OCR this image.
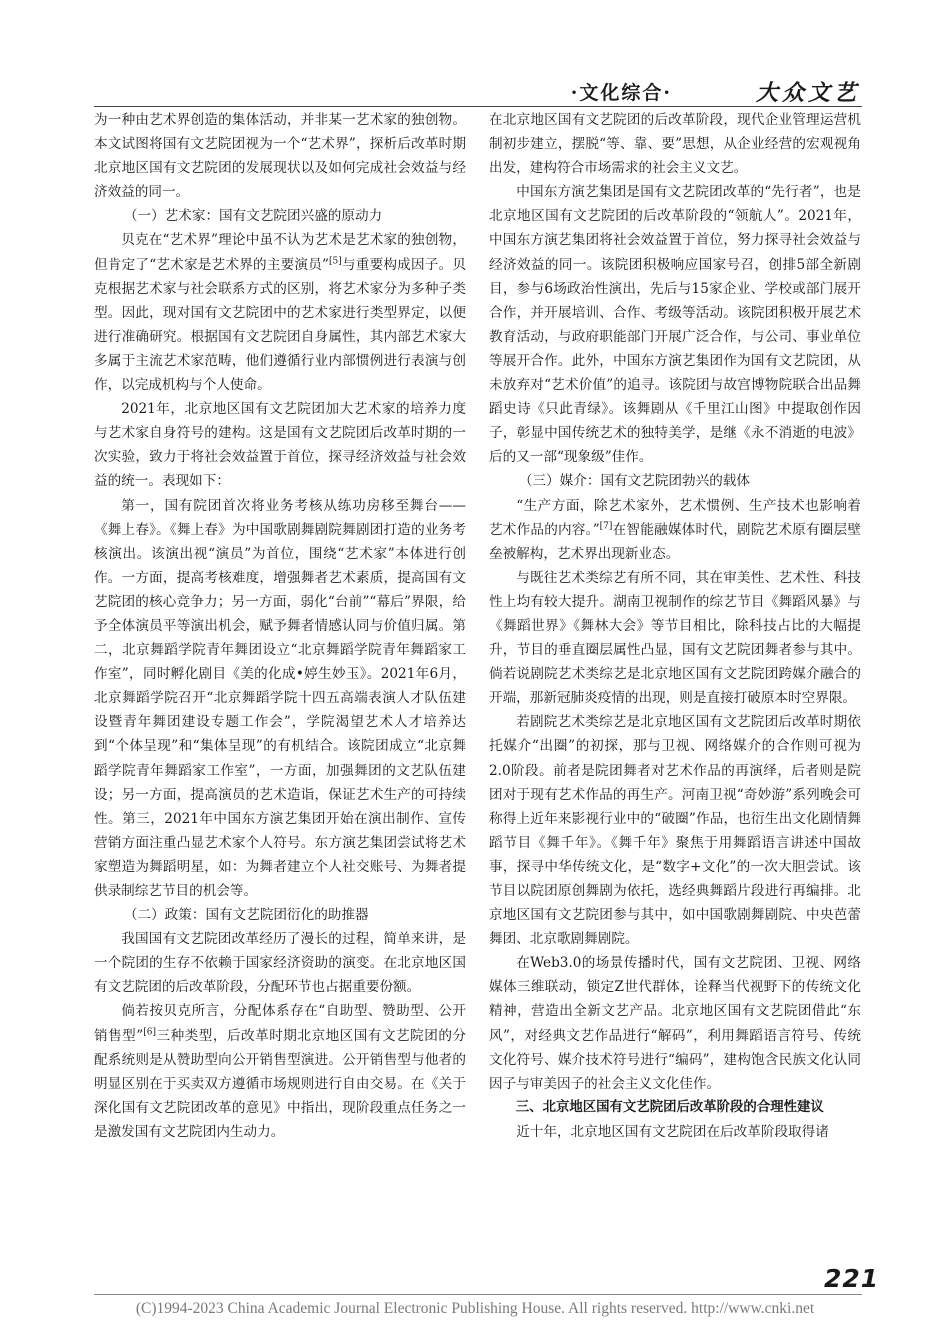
·文化综合·	大众文艺

为一种由艺术界创造的集体活动，并非某一艺术家的独创物。本文试图将国有文艺院团视为一个“艺术界”，探析后改革时期北京地区国有文艺院团的发展现状以及如何完成社会效益与经济效益的同一。

（一）艺术家：国有文艺院团兴盛的原动力

贝克在“艺术界”理论中虽不认为艺术是艺术家的独创物，但肯定了“艺术家是艺术界的主要演员”[5]与重要构成因子。贝克根据艺术家与社会联系方式的区别，将艺术家分为多种子类型。因此，现对国有文艺院团中的艺术家进行类型界定，以便进行准确研究。根据国有文艺院团自身属性，其内部艺术家大多属于主流艺术家范畴，他们遵循行业内部惯例进行表演与创作，以完成机构与个人使命。

2021年，北京地区国有文艺院团加大艺术家的培养力度与艺术家自身符号的建构。这是国有文艺院团后改革时期的一次实验，致力于将社会效益置于首位，探寻经济效益与社会效益的统一。表现如下：

第一，国有院团首次将业务考核从练功房移至舞台——《舞上春》。《舞上春》为中国歌剧舞剧院舞剧团打造的业务考核演出。该演出视“演员”为首位，围绕“艺术家”本体进行创作。一方面，提高考核难度，增强舞者艺术素质，提高国有文艺院团的核心竞争力；另一方面，弱化“台前”“幕后”界限，给予全体演员平等演出机会，赋予舞者情感认同与价值归属。第二，北京舞蹈学院青年舞团设立“北京舞蹈学院青年舞蹈家工作室”，同时孵化剧目《美的化成•婷生妙玉》。2021年6月，北京舞蹈学院召开“北京舞蹈学院十四五高端表演人才队伍建设暨青年舞团建设专题工作会”，学院渴望艺术人才培养达到“个体呈现”和“集体呈现”的有机结合。该院团成立“北京舞蹈学院青年舞蹈家工作室”，一方面，加强舞团的文艺队伍建设；另一方面，提高演员的艺术造诣，保证艺术生产的可持续性。第三，2021年中国东方演艺集团开始在演出制作、宣传营销方面注重凸显艺术家个人符号。东方演艺集团尝试将艺术家塑造为舞蹈明星，如：为舞者建立个人社交账号、为舞者提供录制综艺节目的机会等。

（二）政策：国有文艺院团衍化的助推器

我国国有文艺院团改革经历了漫长的过程，简单来讲，是一个院团的生存不依赖于国家经济资助的演变。在北京地区国有文艺院团的后改革阶段，分配环节也占据重要份额。

倘若按贝克所言，分配体系存在“自助型、赞助型、公开销售型”[6]三种类型，后改革时期北京地区国有文艺院团的分配系统则是从赞助型向公开销售型演进。公开销售型与他者的明显区别在于买卖双方遵循市场规则进行自由交易。在《关于深化国有文艺院团改革的意见》中指出，现阶段重点任务之一是激发国有文艺院团内生动力。

在北京地区国有文艺院团的后改革阶段，现代企业管理运营机制初步建立，摆脱“等、靠、要”思想，从企业经营的宏观视角出发，建构符合市场需求的社会主义文艺。

中国东方演艺集团是国有文艺院团改革的“先行者”，也是北京地区国有文艺院团的后改革阶段的“领航人”。2021年，中国东方演艺集团将社会效益置于首位，努力探寻社会效益与经济效益的同一。该院团积极响应国家号召，创排5部全新剧目，参与6场政治性演出，先后与15家企业、学校或部门展开合作，并开展培训、合作、考级等活动。该院团积极开展艺术教育活动，与政府职能部门开展广泛合作，与公司、事业单位等展开合作。此外，中国东方演艺集团作为国有文艺院团，从未放弃对“艺术价值”的追寻。该院团与故宫博物院联合出品舞蹈史诗《只此青绿》。该舞剧从《千里江山图》中提取创作因子，彰显中国传统艺术的独特美学，是继《永不消逝的电波》后的又一部“现象级”佳作。

（三）媒介：国有文艺院团勃兴的载体

“生产方面，除艺术家外，艺术惯例、生产技术也影响着艺术作品的内容。”[7]在智能融媒体时代，剧院艺术原有圈层壁垒被解构，艺术界出现新业态。

与既往艺术类综艺有所不同，其在审美性、艺术性、科技性上均有较大提升。湖南卫视制作的综艺节目《舞蹈风暴》与《舞蹈世界》《舞林大会》等节目相比，除科技占比的大幅提升，节目的垂直圈层属性凸显，国有文艺院团舞者参与其中。倘若说剧院艺术类综艺是北京地区国有文艺院团跨媒介融合的开端，那新冠肺炎疫情的出现，则是直接打破原本时空界限。

若剧院艺术类综艺是北京地区国有文艺院团后改革时期依托媒介“出圈”的初探，那与卫视、网络媒介的合作则可视为2.0阶段。前者是院团舞者对艺术作品的再演绎，后者则是院团对于现有艺术作品的再生产。河南卫视“奇妙游”系列晚会可称得上近年来影视行业中的“破圈”作品，也衍生出文化剧情舞蹈节目《舞千年》。《舞千年》聚焦于用舞蹈语言讲述中国故事，探寻中华传统文化，是“数字+文化”的一次大胆尝试。该节目以院团原创舞剧为依托，选经典舞蹈片段进行再编排。北京地区国有文艺院团参与其中，如中国歌剧舞剧院、中央芭蕾舞团、北京歌剧舞剧院。

在Web3.0的场景传播时代，国有文艺院团、卫视、网络媒体三维联动，锁定Z世代群体，诠释当代视野下的传统文化精神，营造出全新文艺产品。北京地区国有文艺院团借此“东风”，对经典文艺作品进行“解码”，利用舞蹈语言符号、传统文化符号、媒介技术符号进行“编码”，建构饱含民族文化认同因子与审美因子的社会主义文化佳作。

三、北京地区国有文艺院团后改革阶段的合理性建议

近十年，北京地区国有文艺院团在后改革阶段取得诸

221
(C)1994-2023 China Academic Journal Electronic Publishing House. All rights reserved. http://www.cnki.net
